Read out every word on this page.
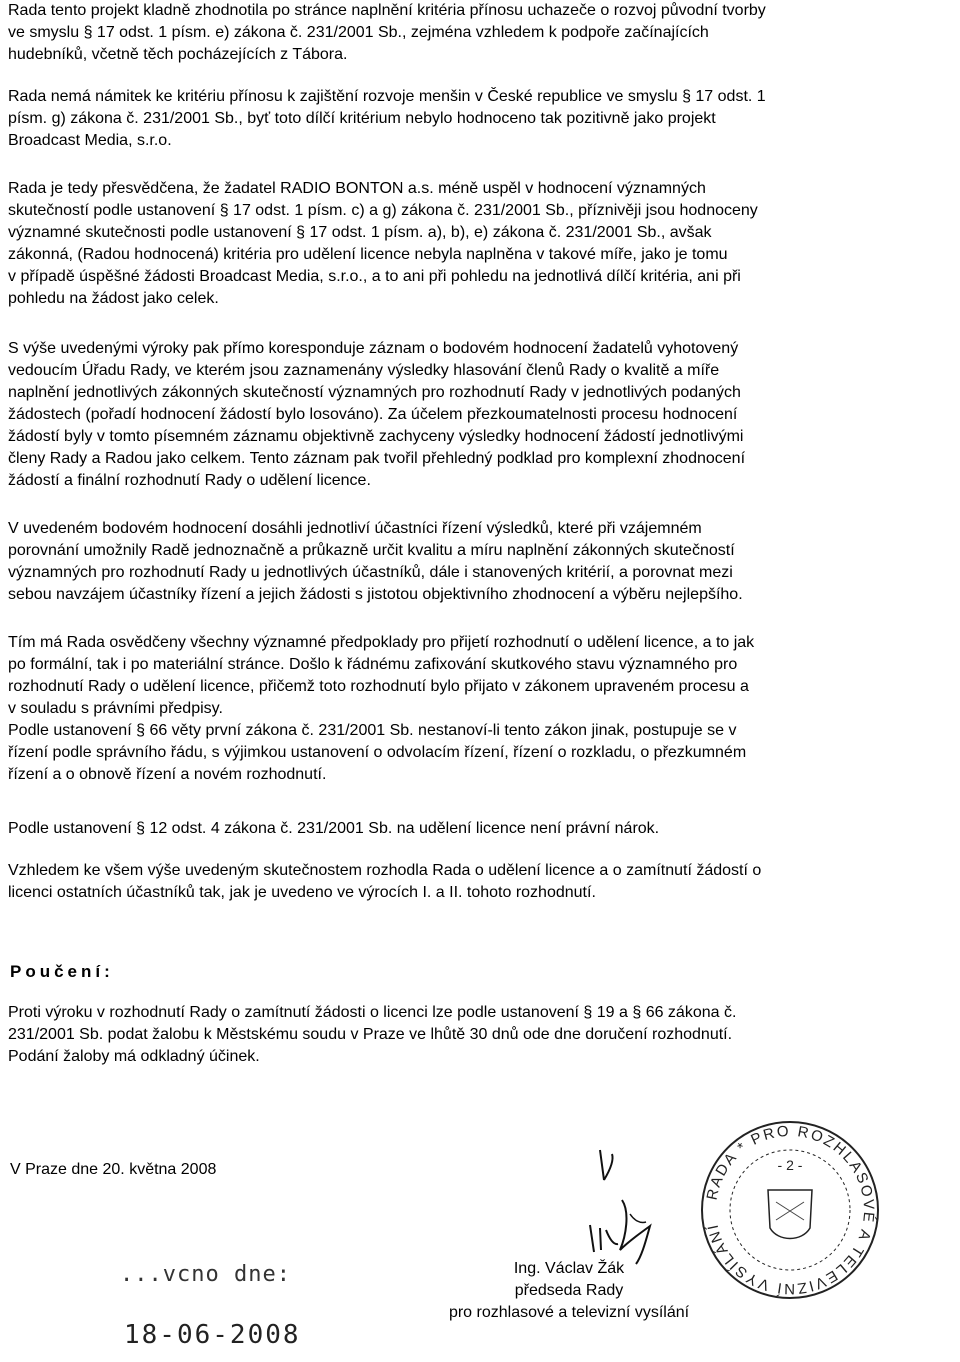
Rada tento projekt kladně zhodnotila po stránce naplnění kritéria přínosu uchazeče o rozvoj původní tvorby
ve smyslu § 17 odst. 1 písm. e) zákona č. 231/2001 Sb., zejména vzhledem k podpoře začínajících
hudebníků, včetně těch pocházejících z Tábora.
Rada nemá námitek ke kritériu přínosu k zajištění rozvoje menšin v České republice ve smyslu § 17 odst. 1
písm. g) zákona č. 231/2001 Sb., byť toto dílčí kritérium nebylo hodnoceno tak pozitivně jako projekt
Broadcast Media, s.r.o.
Rada je tedy přesvědčena, že žadatel RADIO BONTON a.s. méně uspěl v hodnocení významných
skutečností podle ustanovení § 17 odst. 1 písm. c) a g) zákona č. 231/2001 Sb., příznivěji jsou hodnoceny
významné skutečnosti podle ustanovení § 17 odst. 1 písm. a), b), e) zákona č. 231/2001 Sb., avšak
zákonná, (Radou hodnocená) kritéria pro udělení licence nebyla naplněna v takové míře, jako je tomu
v případě úspěšné žádosti Broadcast Media, s.r.o., a to ani při pohledu na jednotlivá dílčí kritéria, ani při
pohledu na žádost jako celek.
S výše uvedenými výroky pak přímo koresponduje záznam o bodovém hodnocení žadatelů vyhotovený
vedoucím Úřadu Rady, ve kterém jsou zaznamenány výsledky hlasování členů Rady o kvalitě a míře
naplnění jednotlivých zákonných skutečností významných pro rozhodnutí Rady v jednotlivých podaných
žádostech (pořadí hodnocení žádostí bylo losováno). Za účelem přezkoumatelnosti procesu hodnocení
žádostí byly v tomto písemném záznamu objektivně zachyceny výsledky hodnocení žádostí jednotlivými
členy Rady a Radou jako celkem. Tento záznam pak tvořil přehledný podklad pro komplexní zhodnocení
žádostí a finální rozhodnutí Rady o udělení licence.
V uvedeném bodovém hodnocení dosáhli jednotliví účastníci řízení výsledků, které při vzájemném
porovnání umožnily Radě jednoznačně a průkazně určit kvalitu a míru naplnění zákonných skutečností
významných pro rozhodnutí Rady u jednotlivých účastníků, dále i stanovených kritérií, a porovnat mezi
sebou navzájem účastníky řízení a jejich žádosti s jistotou objektivního zhodnocení a výběru nejlepšího.
Tím má Rada osvědčeny všechny významné předpoklady pro přijetí rozhodnutí o udělení licence, a to jak
po formální, tak i po materiální stránce. Došlo k řádnému zafixování skutkového stavu významného pro
rozhodnutí Rady o udělení licence, přičemž toto rozhodnutí bylo přijato v zákonem upraveném procesu a
v souladu s právními předpisy.
Podle ustanovení § 66 věty první zákona č. 231/2001 Sb. nestanoví-li tento zákon jinak, postupuje se v
řízení podle správního řádu, s výjimkou ustanovení o odvolacím řízení, řízení o rozkladu, o přezkumném
řízení a o obnově řízení a novém rozhodnutí.
Podle ustanovení § 12 odst. 4 zákona č. 231/2001 Sb. na udělení licence není právní nárok.
Vzhledem ke všem výše uvedeným skutečnostem rozhodla Rada o udělení licence a o zamítnutí žádostí o
licenci ostatních účastníků tak, jak je uvedeno ve výrocích I. a II. tohoto rozhodnutí.
Poučení:
Proti výroku v rozhodnutí Rady o zamítnutí žádosti o licenci lze podle ustanovení § 19 a § 66 zákona č.
231/2001 Sb. podat žalobu k Městskému soudu v Praze ve lhůtě 30 dnů ode dne doručení rozhodnutí.
Podání žaloby má odkladný účinek.
V Praze dne 20. května 2008
RADA * PRO ROZHLASOVÉ A TELEVIZNÍ VYSÍLÁNÍ
- 2 -
Ing. Václav Žák
předseda Rady
pro rozhlasové a televizní vysílání
...vcno dne:
18-06-2008
